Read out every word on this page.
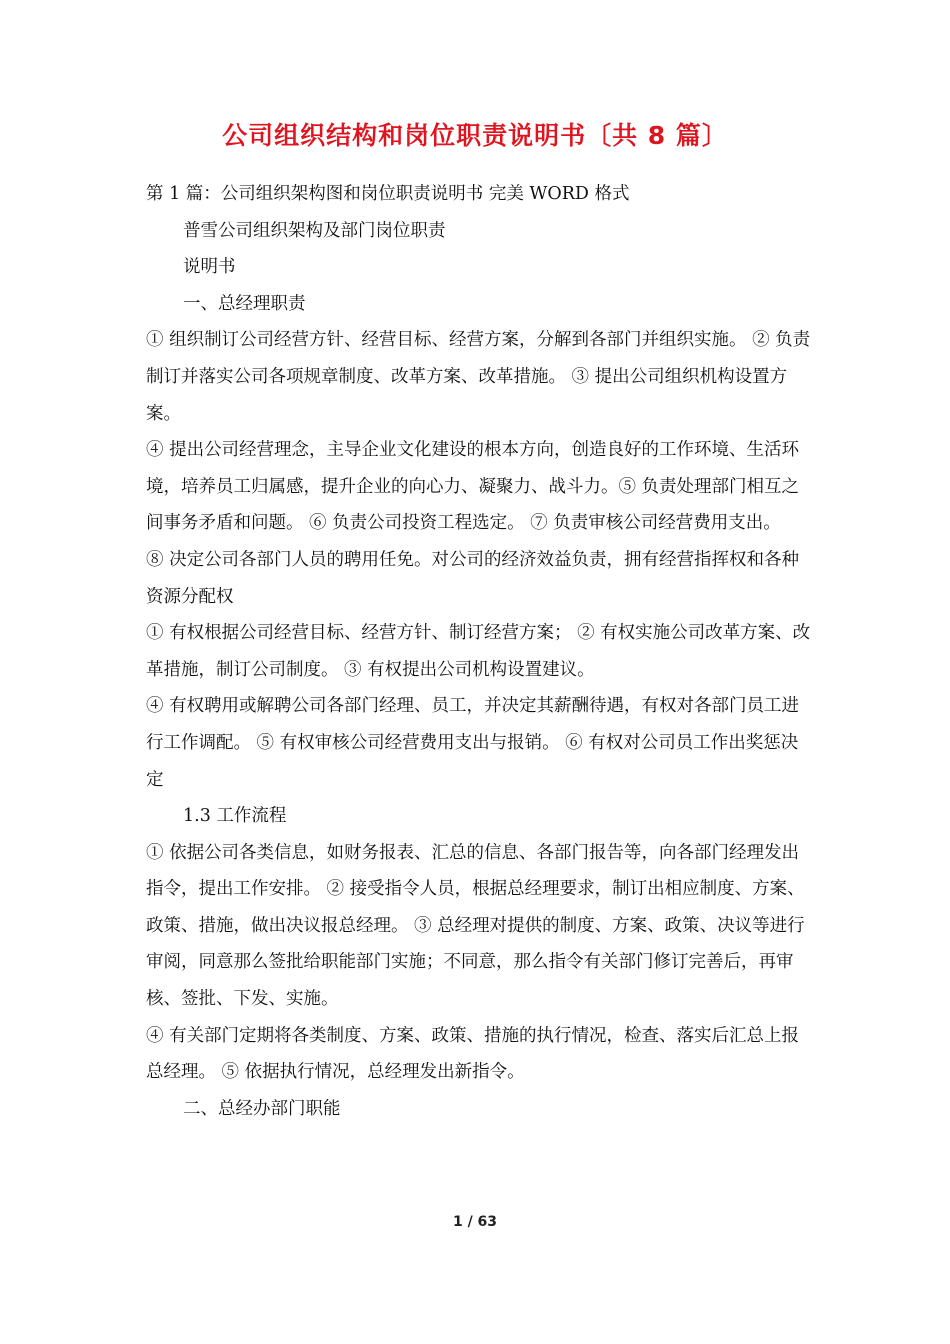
公司组织结构和岗位职责说明书〔共 8 篇〕

第 1 篇：公司组织架构图和岗位职责说明书 完美 WORD 格式

普雪公司组织架构及部门岗位职责

说明书

一、总经理职责

① 组织制订公司经营方针、经营目标、经营方案，分解到各部门并组织实施。 ② 负责制订并落实公司各项规章制度、改革方案、改革措施。 ③ 提出公司组织机构设置方案。

④ 提出公司经营理念，主导企业文化建设的根本方向，创造良好的工作环境、生活环境，培养员工归属感，提升企业的向心力、凝聚力、战斗力。⑤ 负责处理部门相互之间事务矛盾和问题。 ⑥ 负责公司投资工程选定。 ⑦ 负责审核公司经营费用支出。

⑧ 决定公司各部门人员的聘用任免。对公司的经济效益负责，拥有经营指挥权和各种资源分配权

① 有权根据公司经营目标、经营方针、制订经营方案； ② 有权实施公司改革方案、改革措施，制订公司制度。 ③ 有权提出公司机构设置建议。

④ 有权聘用或解聘公司各部门经理、员工，并决定其薪酬待遇，有权对各部门员工进行工作调配。 ⑤ 有权审核公司经营费用支出与报销。 ⑥ 有权对公司员工作出奖惩决定

1.3 工作流程

① 依据公司各类信息，如财务报表、汇总的信息、各部门报告等，向各部门经理发出指令，提出工作安排。 ② 接受指令人员，根据总经理要求，制订出相应制度、方案、政策、措施，做出决议报总经理。 ③ 总经理对提供的制度、方案、政策、决议等进行审阅，同意那么签批给职能部门实施；不同意，那么指令有关部门修订完善后，再审核、签批、下发、实施。

④ 有关部门定期将各类制度、方案、政策、措施的执行情况，检查、落实后汇总上报总经理。 ⑤ 依据执行情况，总经理发出新指令。

二、总经办部门职能

1 / 63
